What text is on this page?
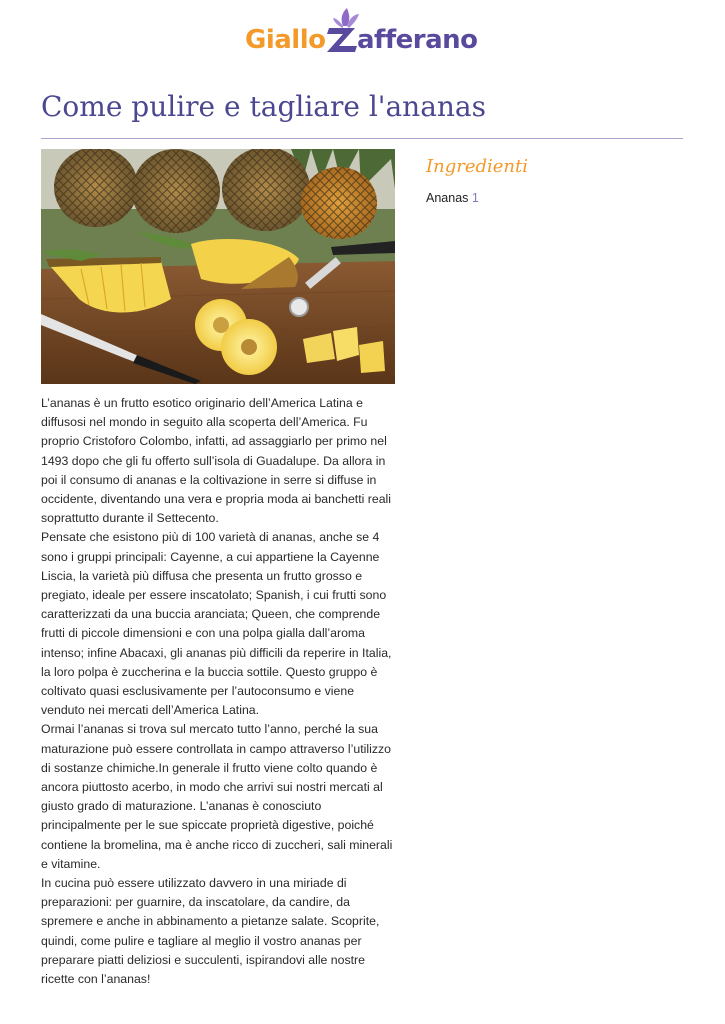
Giallo afferano
Come pulire e tagliare l'ananas
Ingredienti
Ananas 1

L’ananas è un frutto esotico originario dell’America Latina e diffusosi nel mondo in seguito alla scoperta dell’America. Fu proprio Cristoforo Colombo, infatti, ad assaggiarlo per primo nel 1493 dopo che gli fu offerto sull’isola di Guadalupe. Da allora in poi il consumo di ananas e la coltivazione in serre si diffuse in occidente, diventando una vera e propria moda ai banchetti reali soprattutto durante il Settecento.

Pensate che esistono più di 100 varietà di ananas, anche se 4 sono i gruppi principali: Cayenne, a cui appartiene la Cayenne Liscia, la varietà più diffusa che presenta un frutto grosso e pregiato, ideale per essere inscatolato; Spanish, i cui frutti sono caratterizzati da una buccia aranciata; Queen, che comprende frutti di piccole dimensioni e con una polpa gialla dall’aroma intenso; infine Abacaxi, gli ananas più difficili da reperire in Italia, la loro polpa è zuccherina e la buccia sottile. Questo gruppo è coltivato quasi esclusivamente per l’autoconsumo e viene venduto nei mercati dell’America Latina.

Ormai l’ananas si trova sul mercato tutto l’anno, perché la sua maturazione può essere controllata in campo attraverso l’utilizzo di sostanze chimiche.In generale il frutto viene colto quando è ancora piuttosto acerbo, in modo che arrivi sui nostri mercati al giusto grado di maturazione. L’ananas è conosciuto principalmente per le sue spiccate proprietà digestive, poiché contiene la bromelina, ma è anche ricco di zuccheri, sali minerali e vitamine.

In cucina può essere utilizzato davvero in una miriade di preparazioni: per guarnire, da inscatolare, da candire, da spremere e anche in abbinamento a pietanze salate. Scoprite, quindi, come pulire e tagliare al meglio il vostro ananas per preparare piatti deliziosi e succulenti, ispirandovi alle nostre ricette con l’ananas!
